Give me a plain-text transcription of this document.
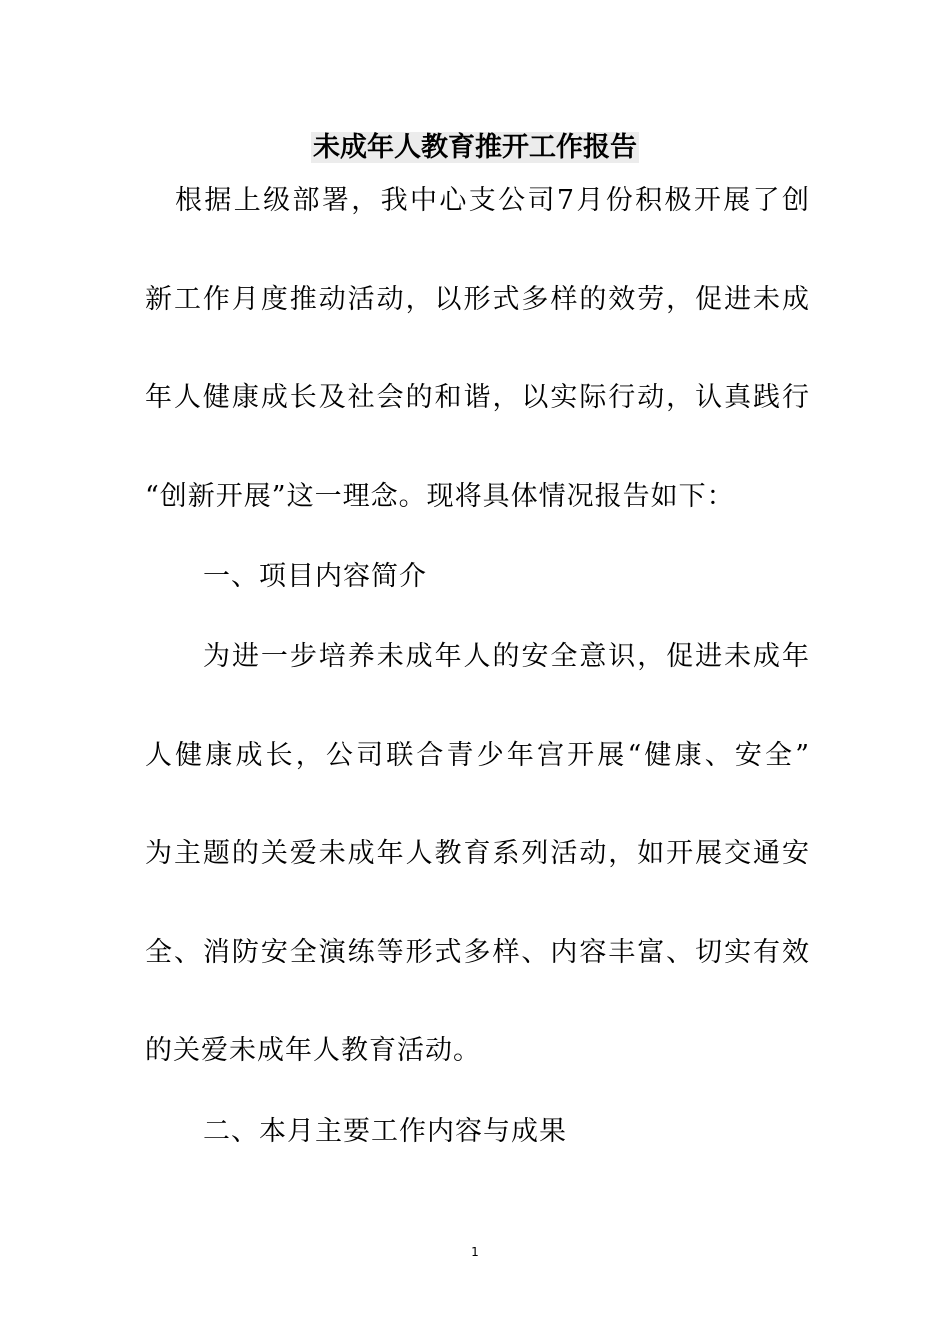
未成年人教育推开工作报告
根据上级部署，我中心支公司7月份积极开展了创
新工作月度推动活动，以形式多样的效劳，促进未成
年人健康成长及社会的和谐，以实际行动，认真践行
“创新开展”这一理念。现将具体情况报告如下：
一、项目内容简介
为进一步培养未成年人的安全意识，促进未成年
人健康成长，公司联合青少年宫开展“健康、安全”
为主题的关爱未成年人教育系列活动，如开展交通安
全、消防安全演练等形式多样、内容丰富、切实有效
的关爱未成年人教育活动。
二、本月主要工作内容与成果
1
